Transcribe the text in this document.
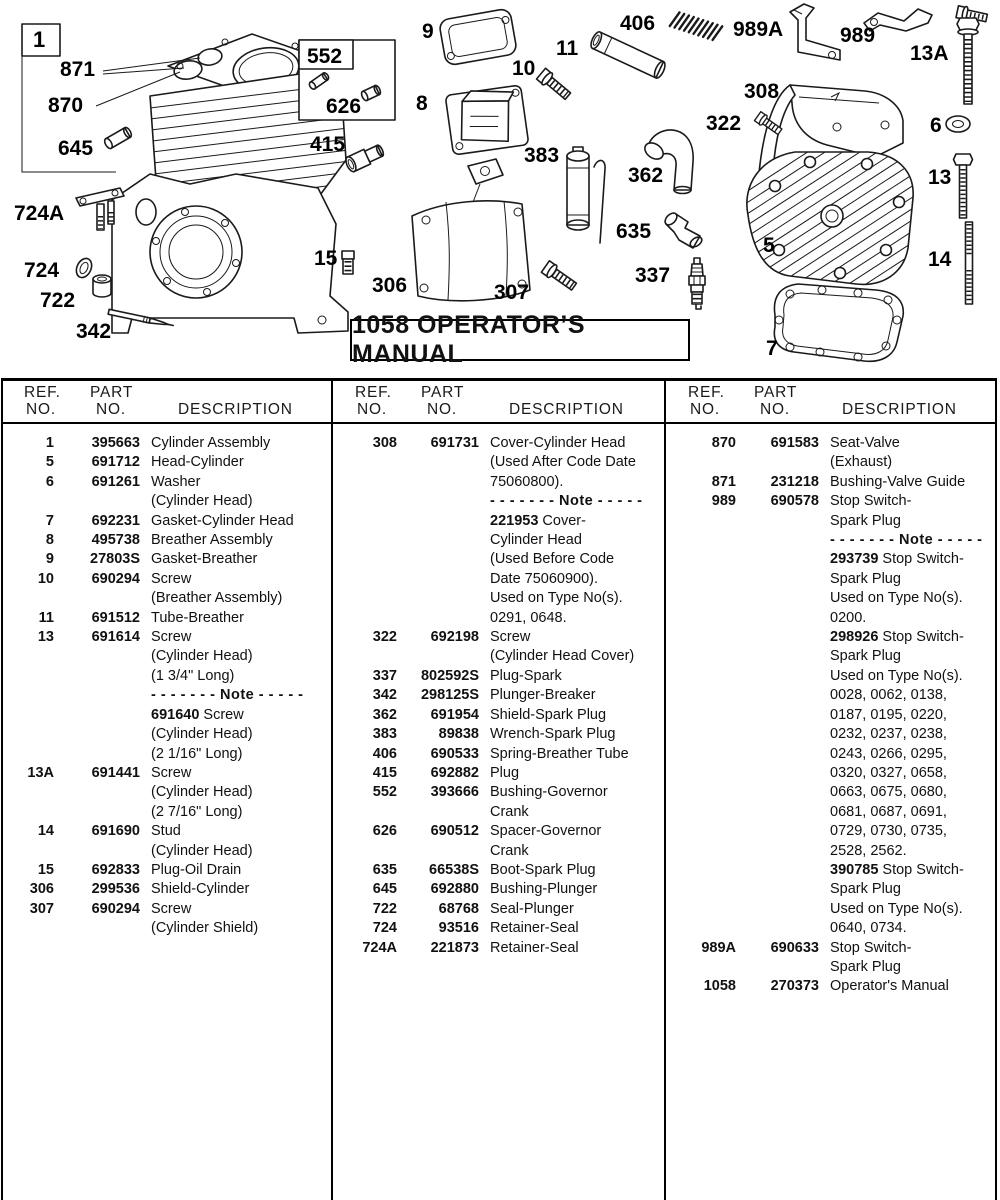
1
871
870
645
724A
724
722
342
552
626
415
15
9
8
10
11
406	989A	989
13A
308
322	6
13
14
383
362
635
337
5
7
306	307
1058 OPERATOR’S MANUAL
REF.
NO.
PART
NO.	DESCRIPTION
REF.
NO.
PART
NO.	DESCRIPTION
REF.
NO.
PART
NO.	DESCRIPTION
1	395663 Cylinder Assembly
5	691712 Head-Cylinder
6	691261 Washer
(Cylinder Head)
7	692231 Gasket-Cylinder Head
8	495738 Breather Assembly
9	27803S Gasket-Breather
10	690294 Screw
(Breather Assembly)
11	691512 Tube-Breather
13	691614 Screw
(Cylinder Head)
(1 3/4" Long)
- - - - - - - Note - - - - -
691640 Screw
(Cylinder Head)
(2 1/16" Long)
13A	691441 Screw
(Cylinder Head)
(2 7/16" Long)
14	691690 Stud
(Cylinder Head)
15	692833 Plug-Oil Drain
306	299536 Shield-Cylinder
307	690294 Screw
(Cylinder Shield)
308	691731 Cover-Cylinder Head
(Used After Code Date
75060800).
- - - - - - - Note - - - - -
221953 Cover-
Cylinder Head
(Used Before Code
Date 75060900).
Used on Type No(s).
0291, 0648.
322	692198 Screw
(Cylinder Head Cover)
337	802592S Plug-Spark
342	298125S Plunger-Breaker
362	691954 Shield-Spark Plug
383	89838 Wrench-Spark Plug
406	690533 Spring-Breather Tube
415	692882 Plug
552	393666 Bushing-Governor
Crank
626	690512 Spacer-Governor
Crank
635	66538S Boot-Spark Plug
645	692880 Bushing-Plunger
722	68768 Seal-Plunger
724	93516 Retainer-Seal
724A	221873 Retainer-Seal
870	691583 Seat-Valve
(Exhaust)
871	231218 Bushing-Valve Guide
989	690578 Stop Switch-
Spark Plug
- - - - - - - Note - - - - -
293739 Stop Switch-
Spark Plug
Used on Type No(s).
0200.
298926 Stop Switch-
Spark Plug
Used on Type No(s).
0028, 0062, 0138,
0187, 0195, 0220,
0232, 0237, 0238,
0243, 0266, 0295,
0320, 0327, 0658,
0663, 0675, 0680,
0681, 0687, 0691,
0729, 0730, 0735,
2528, 2562.
390785 Stop Switch-
Spark Plug
Used on Type No(s).
0640, 0734.
989A	690633 Stop Switch-
Spark Plug
1058	270373 Operator's Manual
